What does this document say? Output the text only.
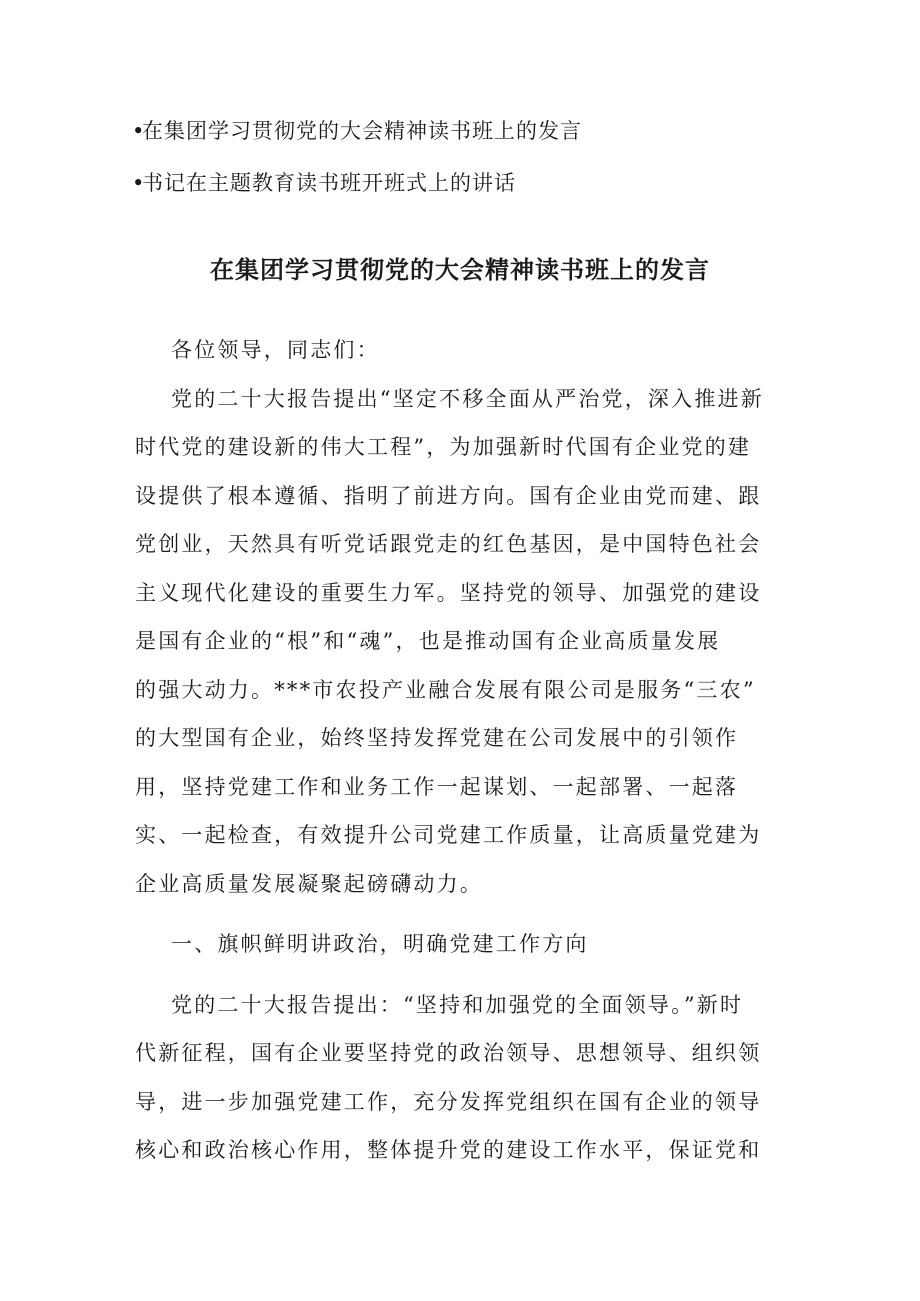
•在集团学习贯彻党的大会精神读书班上的发言
•书记在主题教育读书班开班式上的讲话
在集团学习贯彻党的大会精神读书班上的发言
各位领导，同志们：
党的二十大报告提出“坚定不移全面从严治党，深入推进新
时代党的建设新的伟大工程”，为加强新时代国有企业党的建
设提供了根本遵循、指明了前进方向。国有企业由党而建、跟
党创业，天然具有听党话跟党走的红色基因，是中国特色社会
主义现代化建设的重要生力军。坚持党的领导、加强党的建设
是国有企业的“根”和“魂”，也是推动国有企业高质量发展
的强大动力。***市农投产业融合发展有限公司是服务“三农”
的大型国有企业，始终坚持发挥党建在公司发展中的引领作
用，坚持党建工作和业务工作一起谋划、一起部署、一起落
实、一起检查，有效提升公司党建工作质量，让高质量党建为
企业高质量发展凝聚起磅礴动力。
一、旗帜鲜明讲政治，明确党建工作方向
党的二十大报告提出：“坚持和加强党的全面领导。”新时
代新征程，国有企业要坚持党的政治领导、思想领导、组织领
导，进一步加强党建工作，充分发挥党组织在国有企业的领导
核心和政治核心作用，整体提升党的建设工作水平，保证党和
